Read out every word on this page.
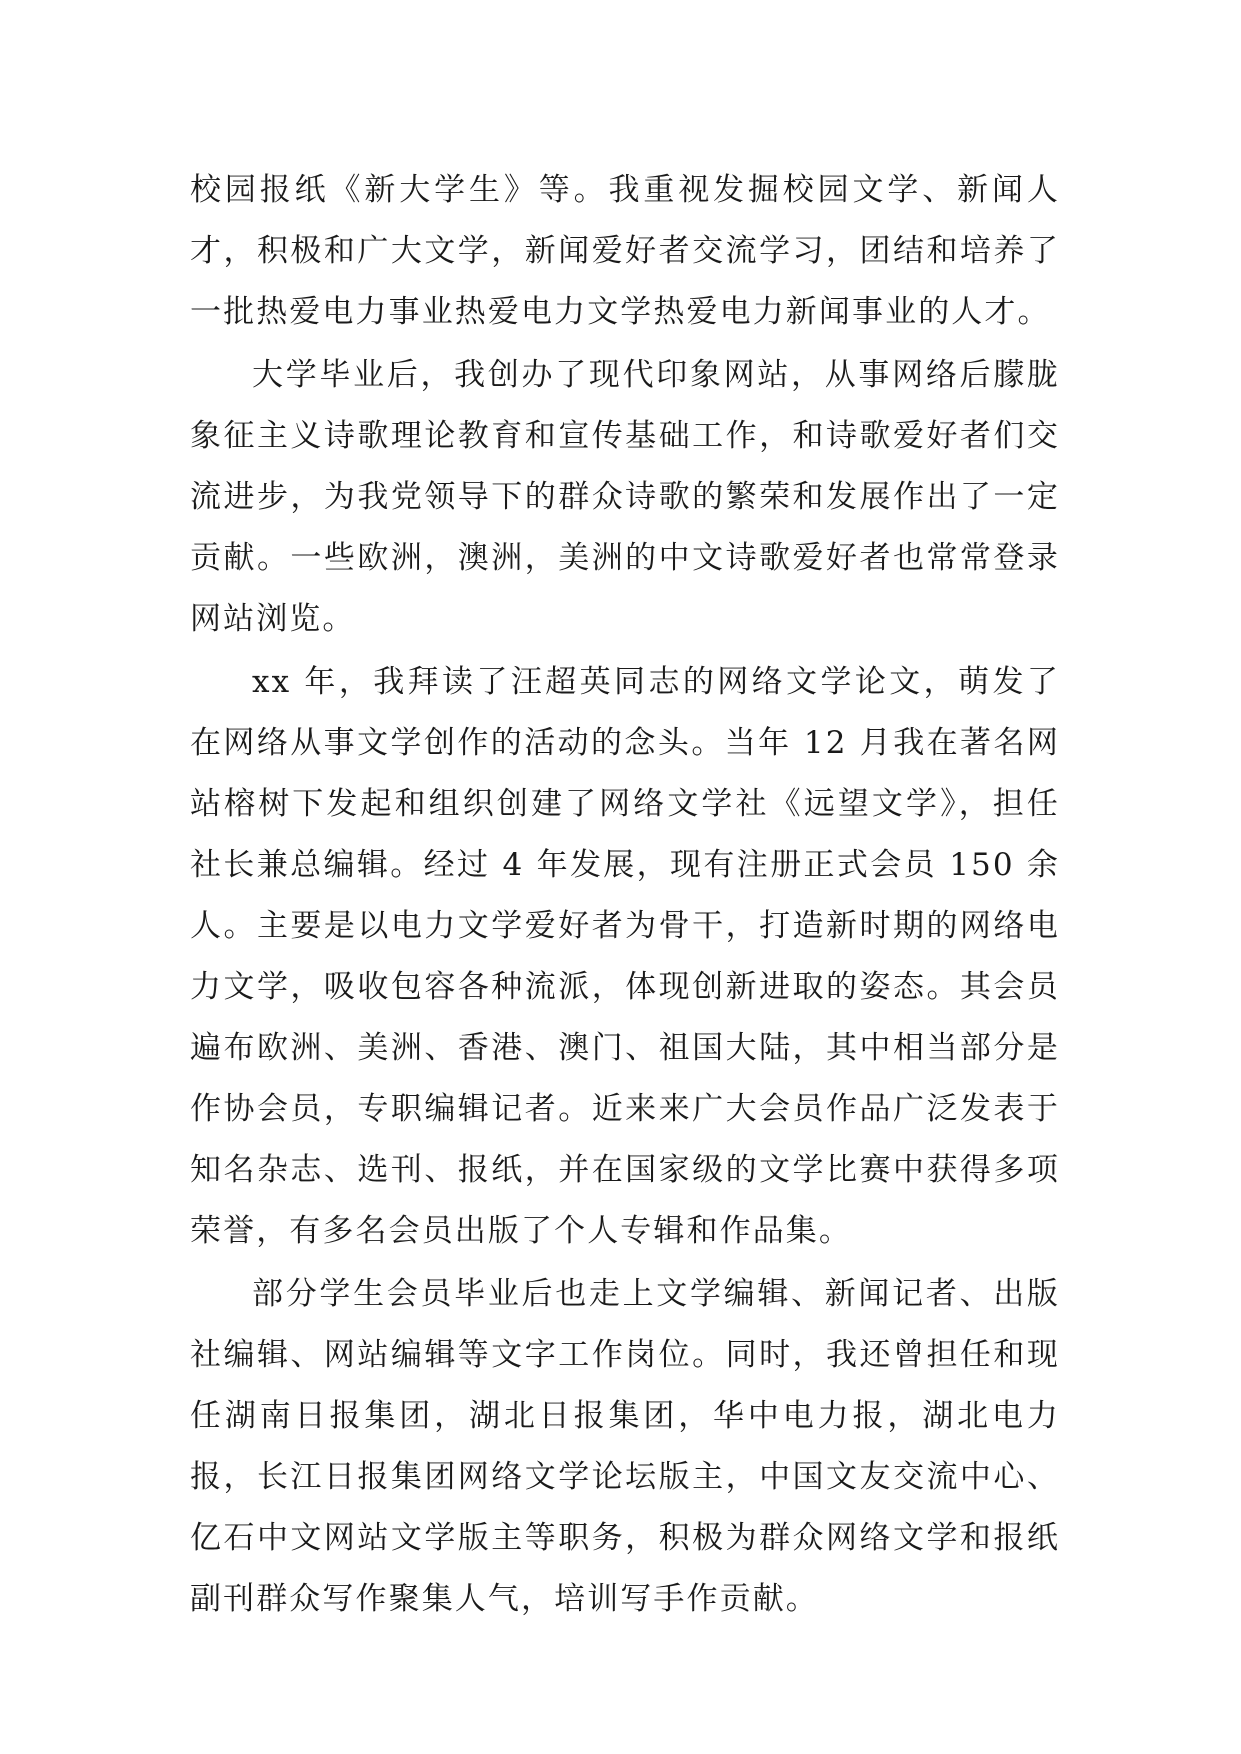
校园报纸《新大学生》等。我重视发掘校园文学、新闻人才，积极和广大文学，新闻爱好者交流学习，团结和培养了一批热爱电力事业热爱电力文学热爱电力新闻事业的人才。

大学毕业后，我创办了现代印象网站，从事网络后朦胧象征主义诗歌理论教育和宣传基础工作，和诗歌爱好者们交流进步，为我党领导下的群众诗歌的繁荣和发展作出了一定贡献。一些欧洲，澳洲，美洲的中文诗歌爱好者也常常登录网站浏览。

xx 年，我拜读了汪超英同志的网络文学论文，萌发了在网络从事文学创作的活动的念头。当年 12 月我在著名网站榕树下发起和组织创建了网络文学社《远望文学》，担任社长兼总编辑。经过 4 年发展，现有注册正式会员 150 余人。主要是以电力文学爱好者为骨干，打造新时期的网络电力文学，吸收包容各种流派，体现创新进取的姿态。其会员遍布欧洲、美洲、香港、澳门、祖国大陆，其中相当部分是作协会员，专职编辑记者。近来来广大会员作品广泛发表于知名杂志、选刊、报纸，并在国家级的文学比赛中获得多项荣誉，有多名会员出版了个人专辑和作品集。

部分学生会员毕业后也走上文学编辑、新闻记者、出版社编辑、网站编辑等文字工作岗位。同时，我还曾担任和现任湖南日报集团，湖北日报集团，华中电力报，湖北电力报，长江日报集团网络文学论坛版主，中国文友交流中心、亿石中文网站文学版主等职务，积极为群众网络文学和报纸副刊群众写作聚集人气，培训写手作贡献。
